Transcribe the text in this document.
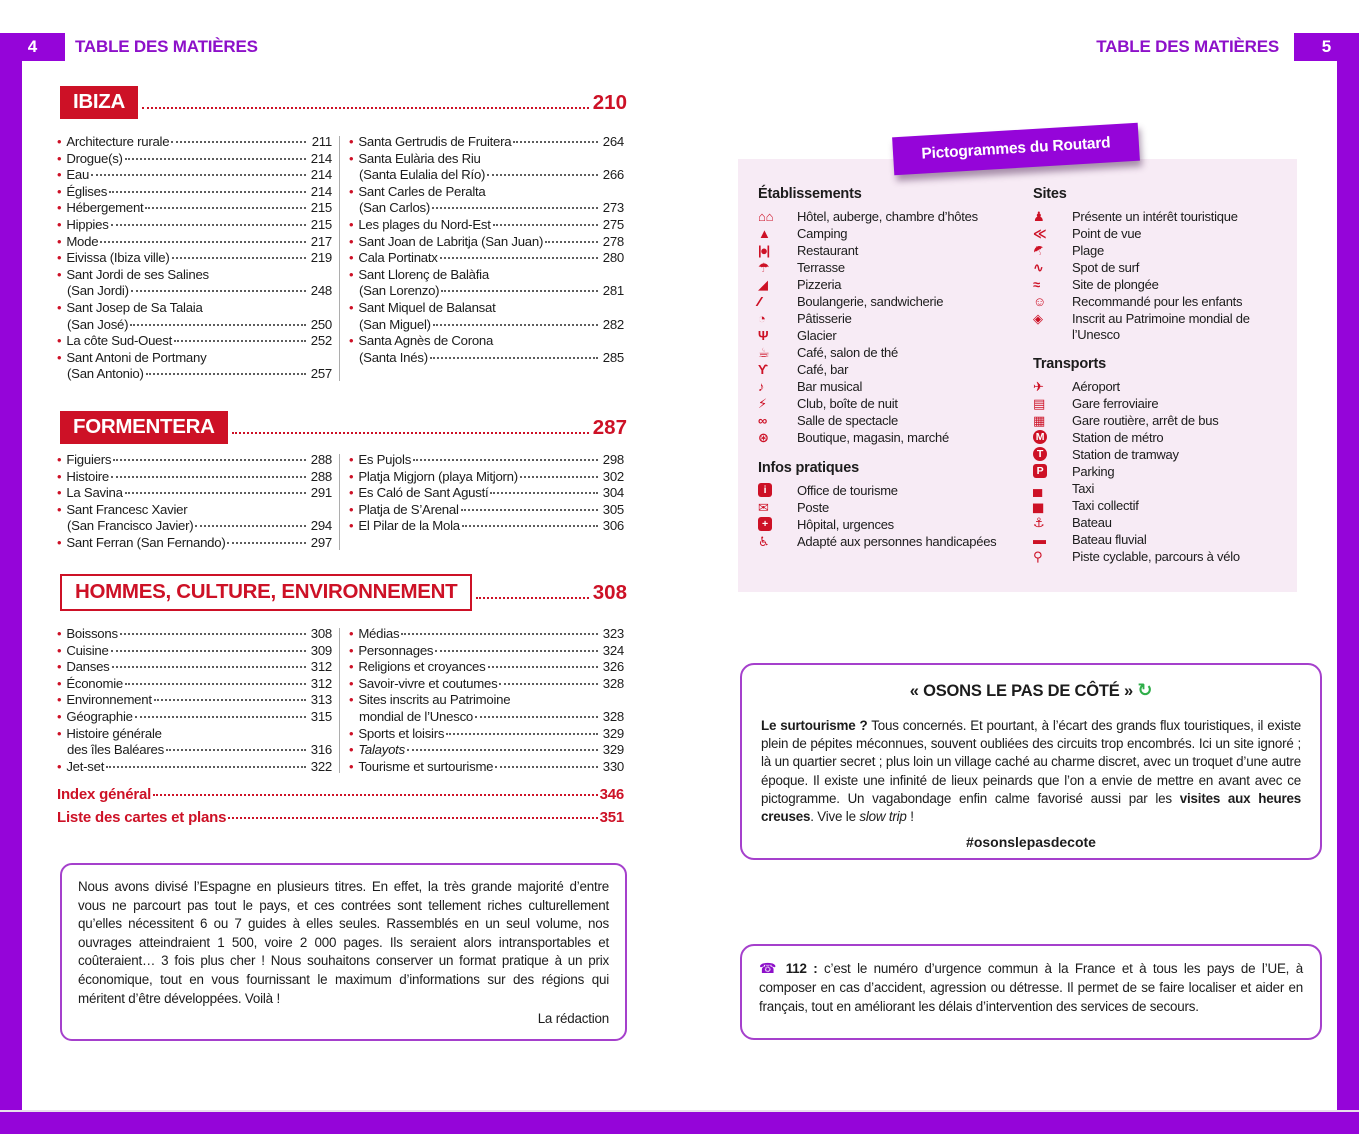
4	5
TABLE DES MATIÈRES	TABLE DES MATIÈRES
IBIZA	210
• Architecture rurale	211
• Drogue(s)	214
• Eau	214
• Églises	214
• Hébergement	215
• Hippies	215
• Mode	217
• Eivissa (Ibiza ville)	219
• Sant Jordi de ses Salines
(San Jordi)	248
• Sant Josep de Sa Talaia
(San José)	250
• La côte Sud-Ouest	252
• Sant Antoni de Portmany
(San Antonio)	257
• Santa Gertrudis de Fruitera	264
• Santa Eulària des Riu
(Santa Eulalia del Río)	266
• Sant Carles de Peralta
(San Carlos)	273
• Les plages du Nord-Est	275
• Sant Joan de Labritja (San Juan)	278
• Cala Portinatx	280
• Sant Llorenç de Balàfia
(San Lorenzo)	281
• Sant Miquel de Balansat
(San Miguel)	282
• Santa Agnès de Corona
(Santa Inés)	285
FORMENTERA	287
• Figuiers	288
• Histoire	288
• La Savina	291
• Sant Francesc Xavier
(San Francisco Javier)	294
• Sant Ferran (San Fernando)	297
• Es Pujols	298
• Platja Migjorn (playa Mitjorn)	302
• Es Caló de Sant Agustí	304
• Platja de S’Arenal	305
• El Pilar de la Mola	306
HOMMES, CULTURE, ENVIRONNEMENT	308
• Boissons	308
• Cuisine	309
• Danses	312
• Économie	312
• Environnement	313
• Géographie	315
• Histoire générale
des îles Baléares	316
• Jet-set	322
• Médias	323
• Personnages	324
• Religions et croyances	326
• Savoir-vivre et coutumes	328
• Sites inscrits au Patrimoine
mondial de l’Unesco	328
• Sports et loisirs	329
• Talayots	329
• Tourisme et surtourisme	330
Index général	346
Liste des cartes et plans	351
Nous avons divisé l’Espagne en plusieurs titres. En effet, la très grande majorité d’entre vous ne parcourt pas tout le pays, et ces contrées sont tellement riches culturellement qu’elles nécessitent 6 ou 7 guides à elles seules. Rassemblés en un seul volume, nos ouvrages atteindraient 1 500, voire 2 000 pages. Ils seraient alors intransportables et coûteraient… 3 fois plus cher ! Nous souhaitons conserver un format pratique à un prix économique, tout en vous fournissant le maximum d’informations sur des régions qui méritent d’être développées. Voilà !
La rédaction
Établissements
⌂⌂ Hôtel, auberge, chambre d’hôtes
▲ Camping
|●| Restaurant
☂ Terrasse
◢ Pizzeria
∕∕	Boulangerie, sandwicherie
◔ Pâtisserie
Ψ Glacier
☕ Café, salon de thé
ϒ Café, bar
♪	Bar musical
⚡ Club, boîte de nuit
∞ Salle de spectacle
⊛ Boutique, magasin, marché
Infos pratiques
i	Office de tourisme
✉ Poste
+	Hôpital, urgences
♿ Adapté aux personnes handicapées
Sites
♟ Présente un intérêt touristique
≪ Point de vue
☂ Plage
∿ Spot de surf
≈ Site de plongée
☺ Recommandé pour les enfants
◈ Inscrit au Patrimoine mondial de l’Unesco
Transports
✈ Aéroport
▤ Gare ferroviaire
▦ Gare routière, arrêt de bus
M Station de métro
T	Station de tramway
P Parking
▄ Taxi
▅ Taxi collectif
⚓ Bateau
▬ Bateau fluvial
⚲ Piste cyclable, parcours à vélo
Pictogrammes du Routard
« OSONS LE PAS DE CÔTÉ » ↻
Le surtourisme ? Tous concernés. Et pourtant, à l’écart des grands flux touristiques, il existe plein de pépites méconnues, souvent oubliées des circuits trop encombrés. Ici un site ignoré ; là un quartier secret ; plus loin un village caché au charme discret, avec un troquet d’une autre époque. Il existe une infinité de lieux peinards que l’on a envie de mettre en avant avec ce pictogramme. Un vagabondage enfin calme favorisé aussi par les visites aux heures creuses. Vive le slow trip !
#osonslepasdecote
☎ 112 : c’est le numéro d’urgence commun à la France et à tous les pays de l’UE, à composer en cas d’accident, agression ou détresse. Il permet de se faire localiser et aider en français, tout en améliorant les délais d’intervention des services de secours.
